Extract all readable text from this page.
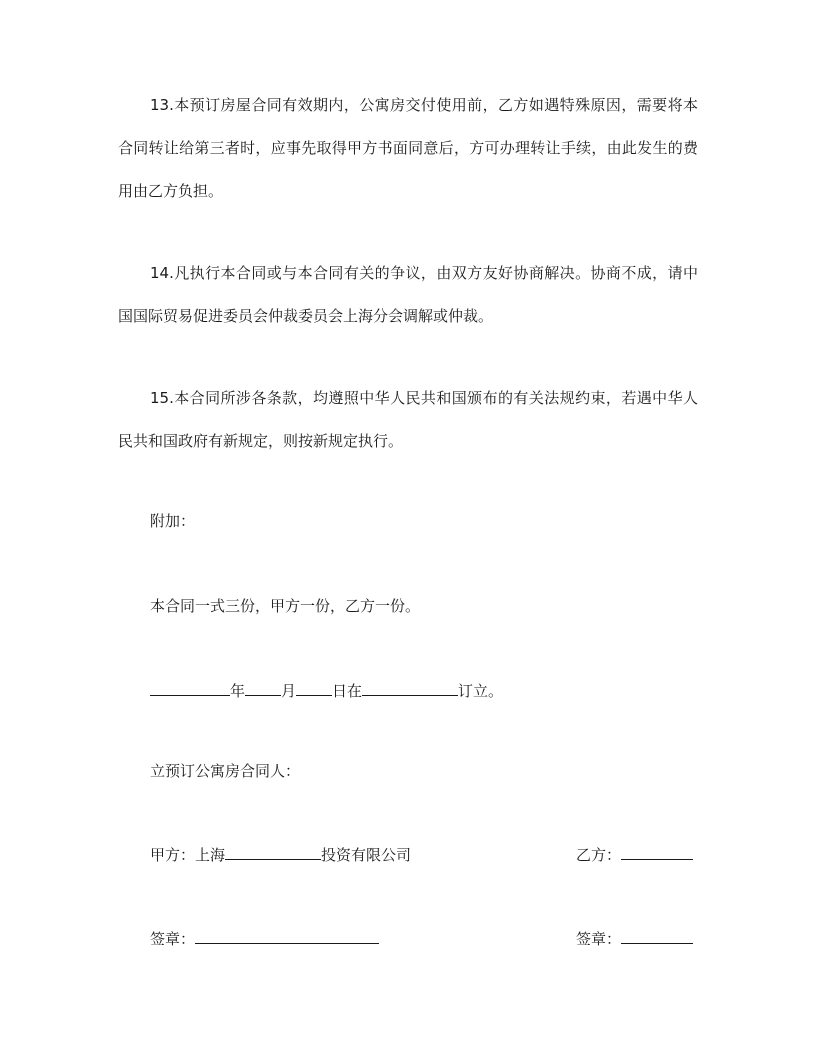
13.本预订房屋合同有效期内，公寓房交付使用前，乙方如遇特殊原因，需要将本合同转让给第三者时，应事先取得甲方书面同意后，方可办理转让手续，由此发生的费用由乙方负担。
14.凡执行本合同或与本合同有关的争议，由双方友好协商解决。协商不成，请中国国际贸易促进委员会仲裁委员会上海分会调解或仲裁。
15.本合同所涉各条款，均遵照中华人民共和国颁布的有关法规约束，若遇中华人民共和国政府有新规定，则按新规定执行。
附加：
本合同一式三份，甲方一份，乙方一份。
年 月 日在	订立。
立预订公寓房合同人：
甲方：上海	投资有限公司	乙方：
签章：	签章：
